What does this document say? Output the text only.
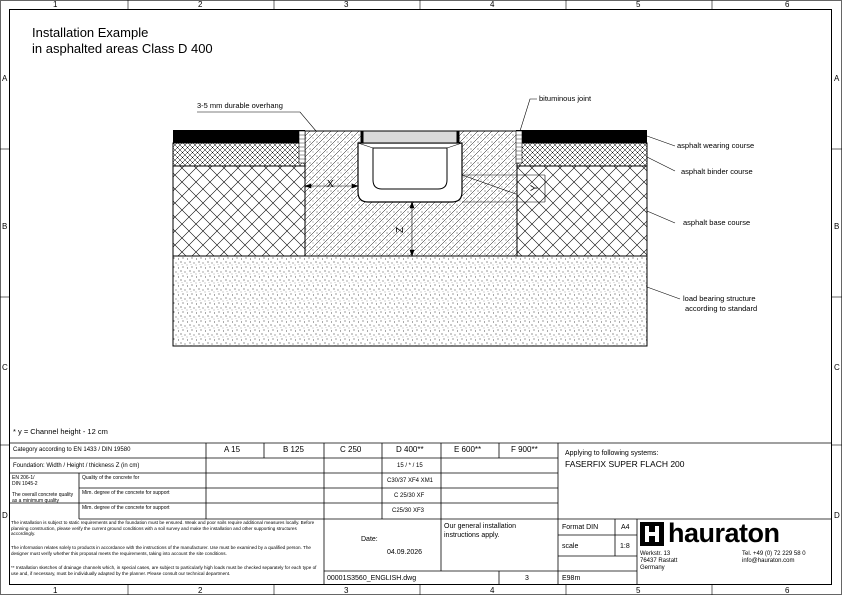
1	2	3	4	5	6
1	2	3	4	5	6
A
B
C
D
A
B
C
D
Installation Example
in asphalted areas Class D 400
3-5 mm durable overhang
bituminous joint
asphalt wearing course
asphalt binder course
asphalt base course
load bearing structure
according to standard
X	Y
Z
* y = Channel height - 12 cm
Category according to EN 1433 / DIN 19580	A 15	B 125	C 250	D 400**	E 600**	F 900**
Foundation: Width / Height / thickness Z (in cm)	15 / * / 15
EN 206-1/
DIN 1045-2
Quality of the concrete for	C30/37 XF4 XM1
The overall concrete quality
as a minimum quality
Mim. degree of the concrete for support	C 25/30 XF
Mim. degree of the concrete for support	C25/30 XF3
Applying to following systems:
FASERFIX SUPER FLACH 200
The installation is subject to static requirements and the foundation must be ensured. Weak and poor soils require additional measures locally. Before planning construction, please verify the current ground conditions with a soil survey and make the installation and other supporting structures accordingly.
The information relates solely to products in accordance with the instructions of the manufacturer. Use must be examined by a qualified person. The designer must verify whether this proposal meets the requirements, taking into account the site conditions.
** Installation sketches of drainage channels which, in special cases, are subject to particularly high loads must be checked separately for each type of use and, if necessary, must be individually adapted by the planner. Please consult our technical department.
Date:
04.09.2026
Our general installation
instructions apply.
Format DIN	A4
scale	1:8
00001S3560_ENGLISH.dwg	3	E98m
hauraton
Werkstr. 13
76437 Rastatt
Germany
Tel. +49 (0) 72 229 58 0
info@hauraton.com
